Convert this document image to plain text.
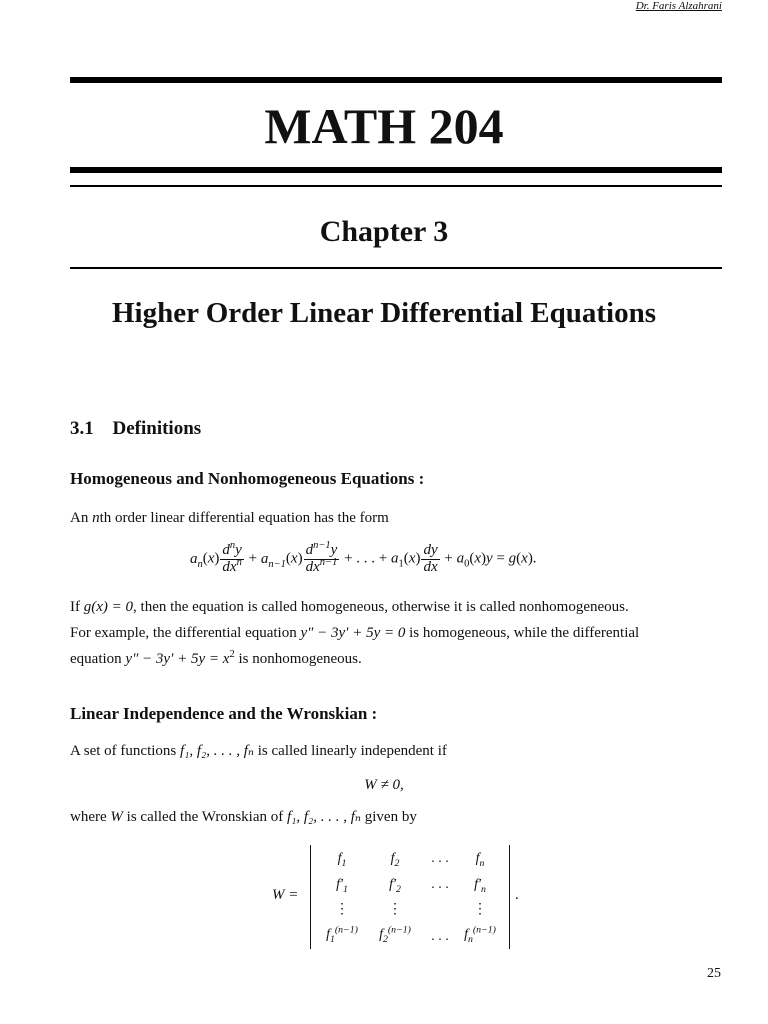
Dr. Faris Alzahrani
MATH 204
Chapter 3
Higher Order Linear Differential Equations
3.1 Definitions
Homogeneous and Nonhomogeneous Equations :
An nth order linear differential equation has the form
$a_n(x) \frac{d^ny}{dx^n} + a_{n-1}(x) \frac{d^{n-1}y}{dx^{n-1}}$ + . . . + $a_1(x) \frac{dy}{dx} + a_0(x)y = g(x)$.
If g(x) = 0, then the equation is called homogeneous, otherwise it is called nonhomogeneous.
For example, the differential equation y″ − 3y′ + 5y = 0 is homogeneous, while the differential
equation $y'' - 3y' + 5y = x^2$ is nonhomogeneous.
Linear Independence and the Wronskian :
A set of functions f₁, f₂, . . . , fₙ is called linearly independent if
W ≠ 0,
where W is called the Wronskian of f₁, f₂, . . . , fₙ given by
W =	.
$f_1$	$f_2$	. . .	$f_n$
$f'_1$	$f'_2$	. . .	$f'_n$
⋮	⋮	⋮
$f_1^{(n-1)}$	$f_2^{(n-1)}$	. . .	$f_n^{(n-1)}$
25
